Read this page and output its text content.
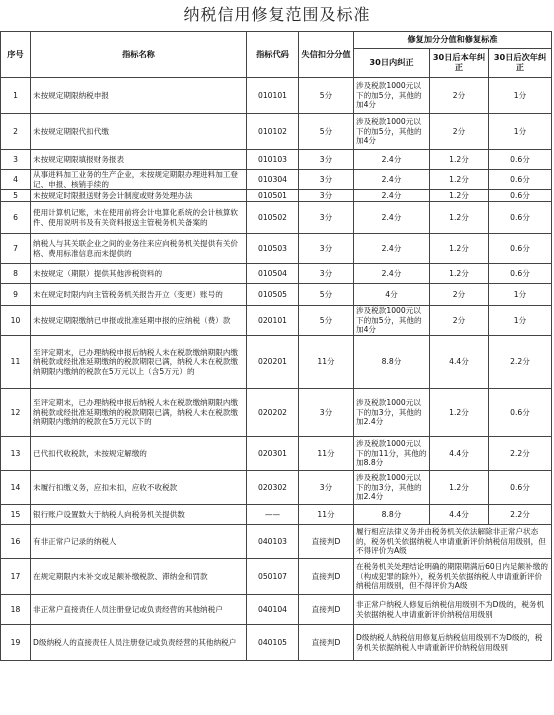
纳税信用修复范围及标准
序号	指标名称	指标代码	失信扣分分值	修复加分分值和修复标准		
				30日内纠正	30日后本年纠正	30日后次年纠正
1	未按规定期限纳税申报	010101	5分	涉及税款1000元以下的加5分，其他的加4分	2分	1分
2	未按规定期限代扣代缴	010102	5分	涉及税款1000元以下的加5分，其他的加4分	2分	1分
3	未按规定期限填报财务报表	010103	3分	2.4分	1.2分	0.6分
4	从事进料加工业务的生产企业，未按规定期限办理进料加工登记、申报、核销手续的	010304	3分	2.4分	1.2分	0.6分
5	未按规定时限报送财务会计制度或财务处理办法	010501	3分	2.4分	1.2分	0.6分
6	使用计算机记账，未在使用前将会计电算化系统的会计核算软件、使用说明书及有关资料报送主管税务机关备案的	010502	3分	2.4分	1.2分	0.6分
7	纳税人与其关联企业之间的业务往来应向税务机关提供有关价格、费用标准信息而未提供的	010503	3分	2.4分	1.2分	0.6分
8	未按规定（期限）提供其他涉税资料的	010504	3分	2.4分	1.2分	0.6分
9	未在规定时限内向主管税务机关报告开立（变更）账号的	010505	5分	4分	2分	1分
10	未按规定期限缴纳已申报或批准延期申报的应纳税（费）款	020101	5分	涉及税款1000元以下的加5分，其他的加4分	2分	1分
11	至评定期末，已办理纳税申报后纳税人未在税款缴纳期限内缴纳税款或经批准延期缴纳的税款期限已满，纳税人未在税款缴纳期限内缴纳的税款在5万元以上（含5万元）的	020201	11分	8.8分	4.4分	2.2分
12	至评定期末，已办理纳税申报后纳税人未在税款缴纳期限内缴纳税款或经批准延期缴纳的税款期限已满，纳税人未在税款缴纳期限内缴纳的税款在5万元以下的	020202	3分	涉及税款1000元以下的加3分，其他的加2.4分	1.2分	0.6分
13	已代扣代收税款，未按规定解缴的	020301	11分	涉及税款1000元以下的加11分，其他的加8.8分	4.4分	2.2分
14	未履行扣缴义务，应扣未扣，应收不收税款	020302	3分	涉及税款1000元以下的加3分，其他的加2.4分	1.2分	0.6分
15	银行账户设置数大于纳税人向税务机关提供数	——	11分	8.8分	4.4分	2.2分
16	有非正常户记录的纳税人	040103	直接判D	履行相应法律义务并由税务机关依法解除非正常户状态的，税务机关依据纳税人申请重新评价纳税信用级别，但不得评价为A级		
17	在规定期限内未补交或足额补缴税款、滞纳金和罚款	050107	直接判D	在税务机关处理结论明确的期限期满后60日内足额补缴的（构成犯罪的除外），税务机关依据纳税人申请重新评价纳税信用级别，但不得评价为A级		
18	非正常户直接责任人员注册登记或负责经营的其他纳税户	040104	直接判D	非正常户纳税人修复后纳税信用级别不为D级的，税务机关依据纳税人申请重新评价纳税信用级别		
19	D级纳税人的直接责任人员注册登记或负责经营的其他纳税户	040105	直接判D	D级纳税人纳税信用修复后纳税信用级别不为D级的，税务机关依据纳税人申请重新评价纳税信用级别		
